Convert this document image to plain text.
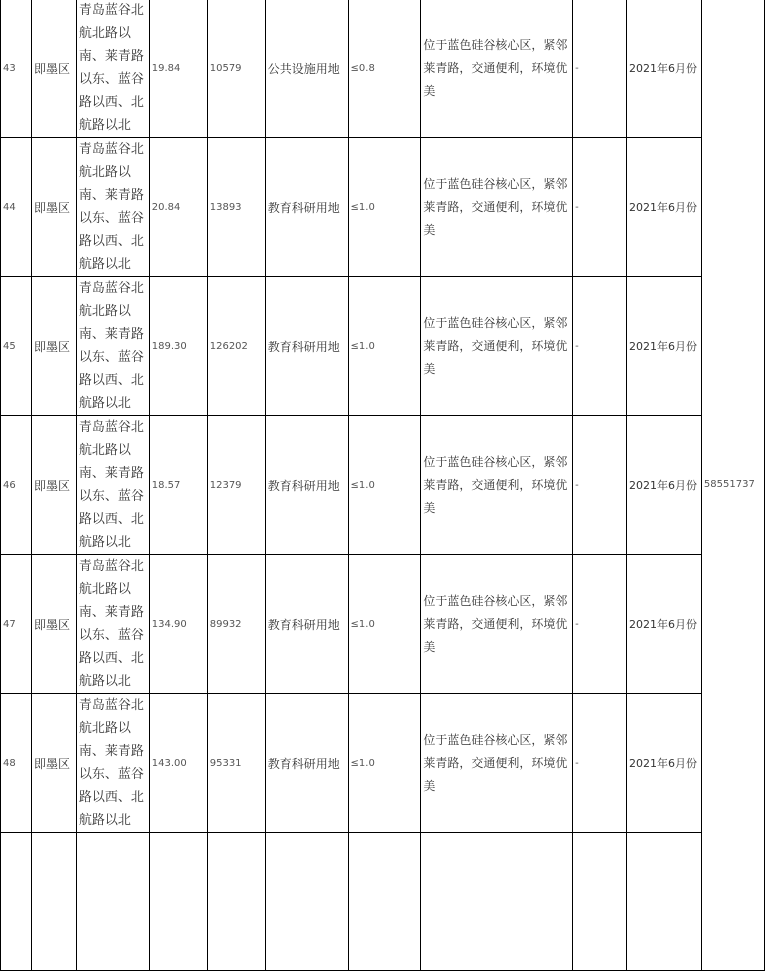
43	即墨区	青岛蓝谷北航北路以南、莱青路以东、蓝谷路以西、北航路以北	19.84	10579	公共设施用地	≤0.8	位于蓝色硅谷核心区，紧邻莱青路，交通便利，环境优美	-	2021年6月份	58551737
44	即墨区	青岛蓝谷北航北路以南、莱青路以东、蓝谷路以西、北航路以北	20.84	13893	教育科研用地	≤1.0	位于蓝色硅谷核心区，紧邻莱青路，交通便利，环境优美	-	2021年6月份	
45	即墨区	青岛蓝谷北航北路以南、莱青路以东、蓝谷路以西、北航路以北	189.30	126202	教育科研用地	≤1.0	位于蓝色硅谷核心区，紧邻莱青路，交通便利，环境优美	-	2021年6月份	
46	即墨区	青岛蓝谷北航北路以南、莱青路以东、蓝谷路以西、北航路以北	18.57	12379	教育科研用地	≤1.0	位于蓝色硅谷核心区，紧邻莱青路，交通便利，环境优美	-	2021年6月份	
47	即墨区	青岛蓝谷北航北路以南、莱青路以东、蓝谷路以西、北航路以北	134.90	89932	教育科研用地	≤1.0	位于蓝色硅谷核心区，紧邻莱青路，交通便利，环境优美	-	2021年6月份	
48	即墨区	青岛蓝谷北航北路以南、莱青路以东、蓝谷路以西、北航路以北	143.00	95331	教育科研用地	≤1.0	位于蓝色硅谷核心区，紧邻莱青路，交通便利，环境优美	-	2021年6月份	
